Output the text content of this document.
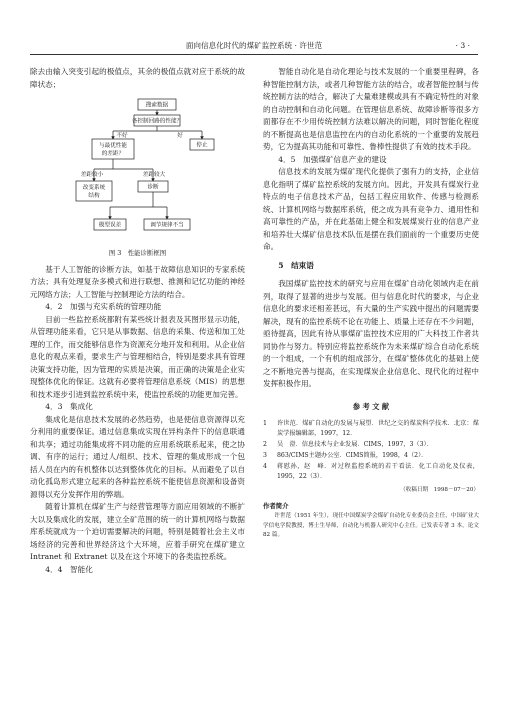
面向信息化时代的煤矿监控系统 · 许世范	· 3 ·

除去由输入突变引起的极值点，其余的极值点就对应于系统的故障状态；

搜索数据
各控制回路的性能？
不好	好
与最优性能
的差距？
停止
差距较小	差距较大
改变系统
结构
诊断
模型误差	调节规律不当
图 3　性能诊断框图

基于人工智能的诊断方法，如基于故障信息知识的专家系统方法；具有处理复杂多模式和进行联想、推测和记忆功能的神经元网络方法；人工智能与控制理论方法的结合。

4．2　加强与充实系统的管理功能

目前一些监控系统都附有某些统计报表及其图形显示功能，从管理功能来看，它只是从事数据、信息的采集、传送和加工处理的工作，而交能够信息作为资源充分地开发和利用。从企业信息化的观点来看，要求生产与管理相结合，特别是要求具有管理决策支持功能，因为管理的实质是决策，而正确的决策是企业实现整体优化的保证。这就有必要将管理信息系统（MIS）的思想和技术逐步引进到监控系统中来，使监控系统的功能更加完善。

4．3　集成化

集成化是信息技术发展的必然趋势，也是使信息资源得以充分利用的重要保证。通过信息集成实现在异构条件下的信息联通和共享；通过功能集成将不同功能的应用系统联系起来，使之协调、有序的运行；通过人/组织、技术、管理的集成形成一个包括人员在内的有机整体以达到整体优化的目标。从而避免了以自动化孤岛形式建立起来的各种监控系统不能使信息资源和设备资源得以充分发挥作用的弊端。

随着计算机在煤矿生产与经营管理等方面应用领域的不断扩大以及集成化的发展，建立全矿范围的统一的计算机网络与数据库系统就成为一个迫切需要解决的问题，特别是随着社会主义市场经济的完善和世界经济这个大环境，应着手研究在煤矿建立 Intranet 和 Extranet 以及在这个环境下的各类监控系统。

4．4　智能化

智能自动化是自动化理论与技术发展的一个重要里程碑，各种智能控制方法，或者几种智能方法的结合，或者智能控制与传统控制方法的结合，解决了大量难建模或具有不确定特性的对象的自动控制和自动化问题。在管理信息系统、故障诊断等很多方面都存在不少用传统控制方法难以解决的问题，同时智能化程度的不断提高也是信息监控在内的自动化系统的一个重要的发展趋势，它为提高其功能和可靠性、鲁棒性提供了有效的技术手段。

4．5　加强煤矿信息产业的建设

信息技术的发展为煤矿现代化提供了强有力的支持，企业信息化指明了煤矿监控系统的发展方向。因此，开发具有煤炭行业特点的电子信息技术产品，包括工程应用软件、传感与检测系统、计算机网络与数据库系统，使之成为具有竞争力、通用性和高可靠性的产品，并在此基础上健全和发展煤炭行业的信息产业和培养壮大煤矿信息技术队伍是摆在我们面前的一个重要历史使命。

5　结束语

我国煤矿监控技术的研究与应用在煤矿自动化领域内走在前列，取得了显著的进步与发展。但与信息化时代的要求，与企业信息化的要求还相差甚远，有大量的生产实践中提出的问题需要解决，现有的监控系统不论在功能上、质量上还存在不少问题，亟待提高，因此有待从事煤矿监控技术应用的广大科技工作者共同协作与努力。特别应将监控系统作为未来煤矿综合自动化系统的一个组成，一个有机的组成部分，在煤矿整体优化的基础上使之不断地完善与提高，在实现煤炭企业信息化、现代化的过程中发挥积极作用。

参 考 文 献
1	许世范．煤矿自动化的发展与展望．世纪之交的煤炭科学技术．北京：煤炭学报编辑部，1997，12．
2	吴　澄．信息技术与企业发展．CIMS，1997，3（3）．
3	863/CIMS主题办公室．CIMS简报，1998，4（2）．
4	蒋慰孙，赵　峰．对过程监控系统的若干看法．化工自动化及仪表，1995，22（3）．
（收稿日期　1998－07－20）
作者简介
许世范（1951 年生），现任中国煤炭学会煤矿自动化专业委员会主任，中国矿业大学信电学院教授，博士生导师，自动化与机器人研究中心主任。已发表专著 3 本，论文 82 篇。
